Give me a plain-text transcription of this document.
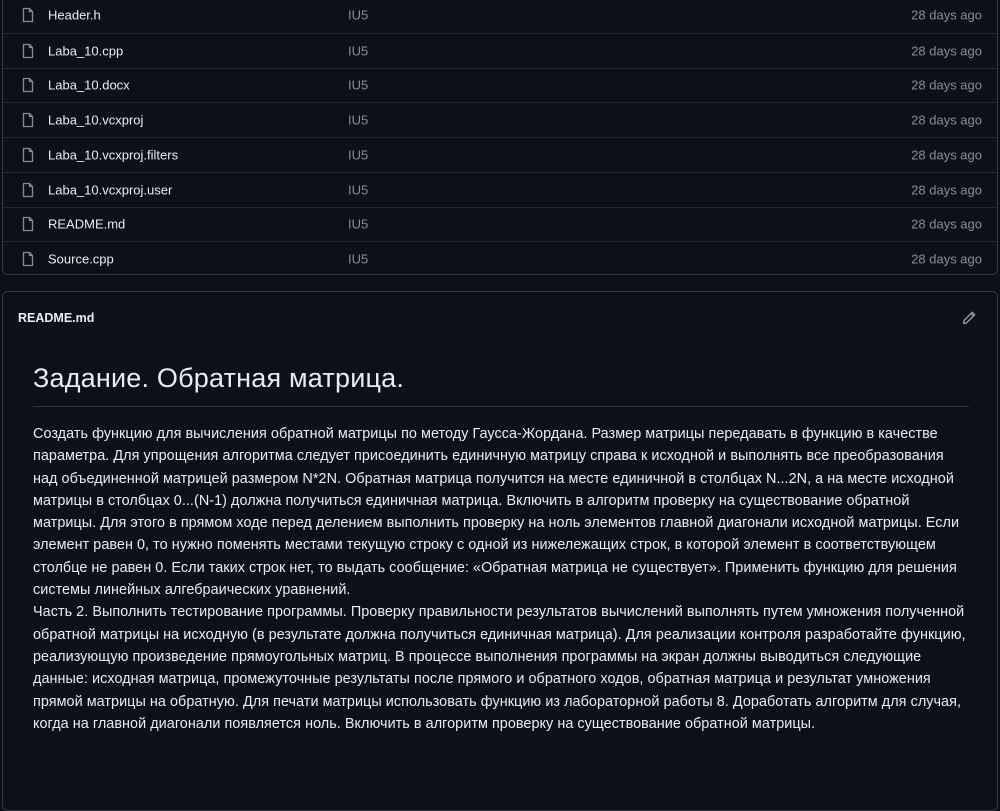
Header.h	IU5	28 days ago
Laba_10.cpp	IU5	28 days ago
Laba_10.docx	IU5	28 days ago
Laba_10.vcxproj	IU5	28 days ago
Laba_10.vcxproj.filters	IU5	28 days ago
Laba_10.vcxproj.user	IU5	28 days ago
README.md	IU5	28 days ago
Source.cpp	IU5	28 days ago
README.md
Задание. Обратная матрица.
Создать функцию для вычисления обратной матрицы по методу Гаусса-Жордана. Размер матрицы передавать в функцию в качестве параметра. Для упрощения алгоритма следует присоединить единичную матрицу справа к исходной и выполнять все преобразования над объединенной матрицей размером N*2N. Обратная матрица получится на месте единичной в столбцах N...2N, а на месте исходной матрицы в столбцах 0...(N-1) должна получиться единичная матрица. Включить в алгоритм проверку на существование обратной матрицы. Для этого в прямом ходе перед делением выполнить проверку на ноль элементов главной диагонали исходной матрицы. Если элемент равен 0, то нужно поменять местами текущую строку с одной из нижележащих строк, в которой элемент в соответствующем столбце не равен 0. Если таких строк нет, то выдать сообщение: «Обратная матрица не существует». Применить функцию для решения системы линейных алгебраических уравнений.
Часть 2. Выполнить тестирование программы. Проверку правильности результатов вычислений выполнять путем умножения полученной обратной матрицы на исходную (в результате должна получиться единичная матрица). Для реализации контроля разработайте функцию, реализующую произведение прямоугольных матриц. В процессе выполнения программы на экран должны выводиться следующие данные: исходная матрица, промежуточные результаты после прямого и обратного ходов, обратная матрица и результат умножения прямой матрицы на обратную. Для печати матрицы использовать функцию из лабораторной работы 8. Доработать алгоритм для случая, когда на главной диагонали появляется ноль. Включить в алгоритм проверку на существование обратной матрицы.
